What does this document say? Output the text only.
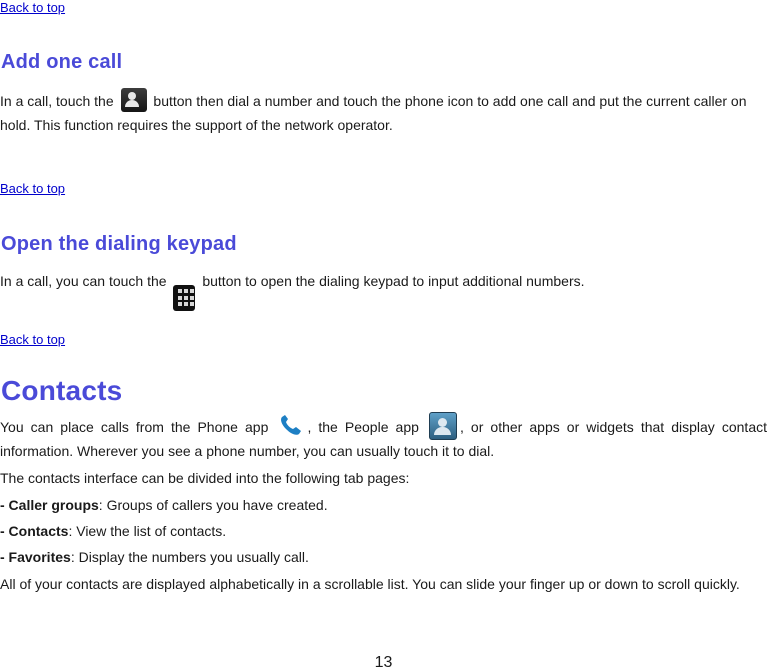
Back to top
Add one call

In a call, touch the	button then dial a number and touch the phone icon to add one call and put the current caller on

hold. This function requires the support of the network operator.

Back to top
Open the dialing keypad

In a call, you can touch the	button to open the dialing keypad to input additional numbers.

Back to top
Contacts

You can place calls from the Phone app	, the People app	, or other apps or widgets that display contact

information. Wherever you see a phone number, you can usually touch it to dial.

The contacts interface can be divided into the following tab pages:

- Caller groups: Groups of callers you have created.

- Contacts: View the list of contacts.

- Favorites: Display the numbers you usually call.

All of your contacts are displayed alphabetically in a scrollable list. You can slide your finger up or down to scroll quickly.

13
